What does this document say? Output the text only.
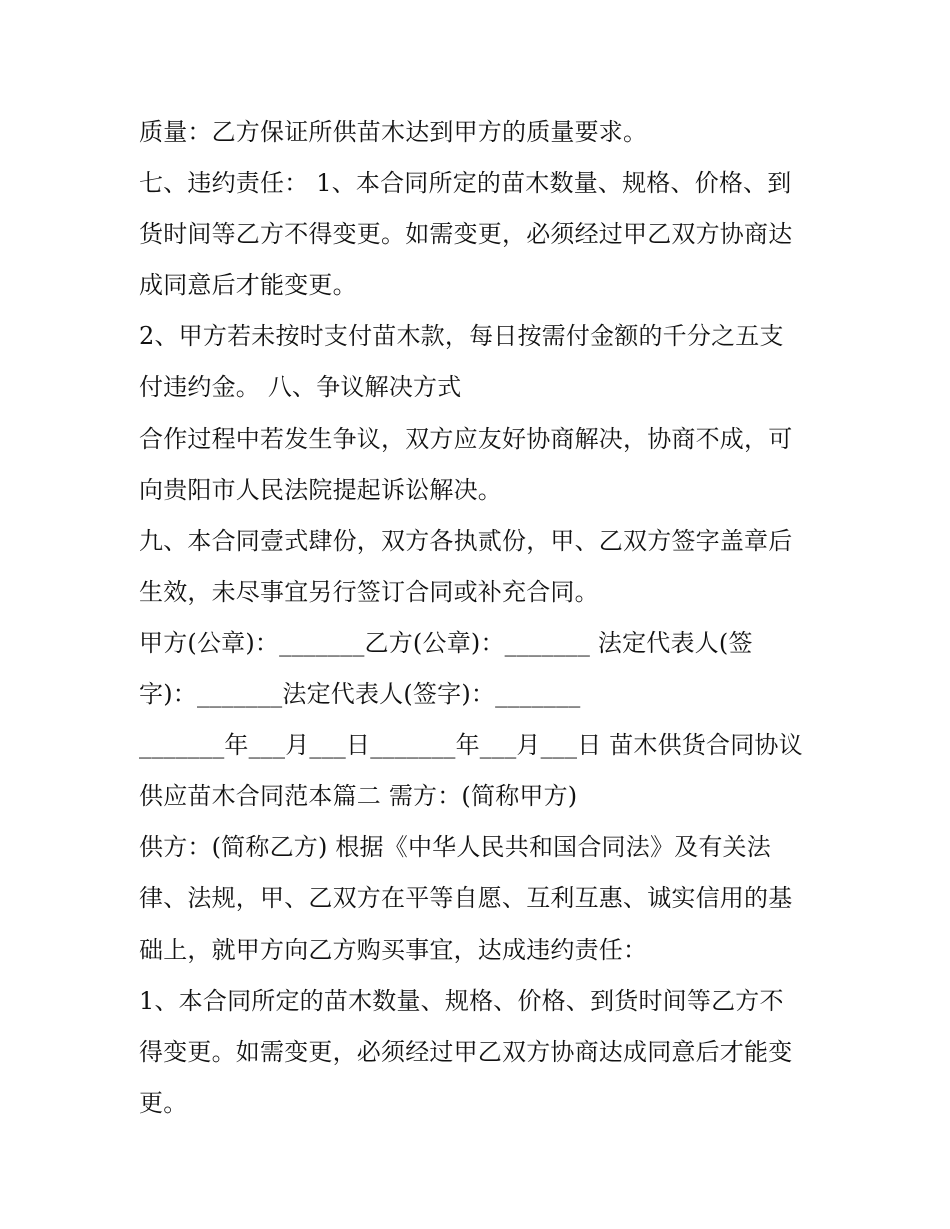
质量：乙方保证所供苗木达到甲方的质量要求。
七、违约责任： 1、本合同所定的苗木数量、规格、价格、到
货时间等乙方不得变更。如需变更，必须经过甲乙双方协商达
成同意后才能变更。
2、甲方若未按时支付苗木款，每日按需付金额的千分之五支
付违约金。 八、争议解决方式
合作过程中若发生争议，双方应友好协商解决，协商不成，可
向贵阳市人民法院提起诉讼解决。
九、本合同壹式肆份，双方各执贰份，甲、乙双方签字盖章后
生效，未尽事宜另行签订合同或补充合同。
甲方(公章)：_______乙方(公章)：_______ 法定代表人(签
字)：_______法定代表人(签字)：_______
_______年___月___日_______年___月___日 苗木供货合同协议
供应苗木合同范本篇二 需方：(简称甲方)
供方：(简称乙方) 根据《中华人民共和国合同法》及有关法
律、法规，甲、乙双方在平等自愿、互利互惠、诚实信用的基
础上，就甲方向乙方购买事宜，达成违约责任：
1、本合同所定的苗木数量、规格、价格、到货时间等乙方不
得变更。如需变更，必须经过甲乙双方协商达成同意后才能变
更。
